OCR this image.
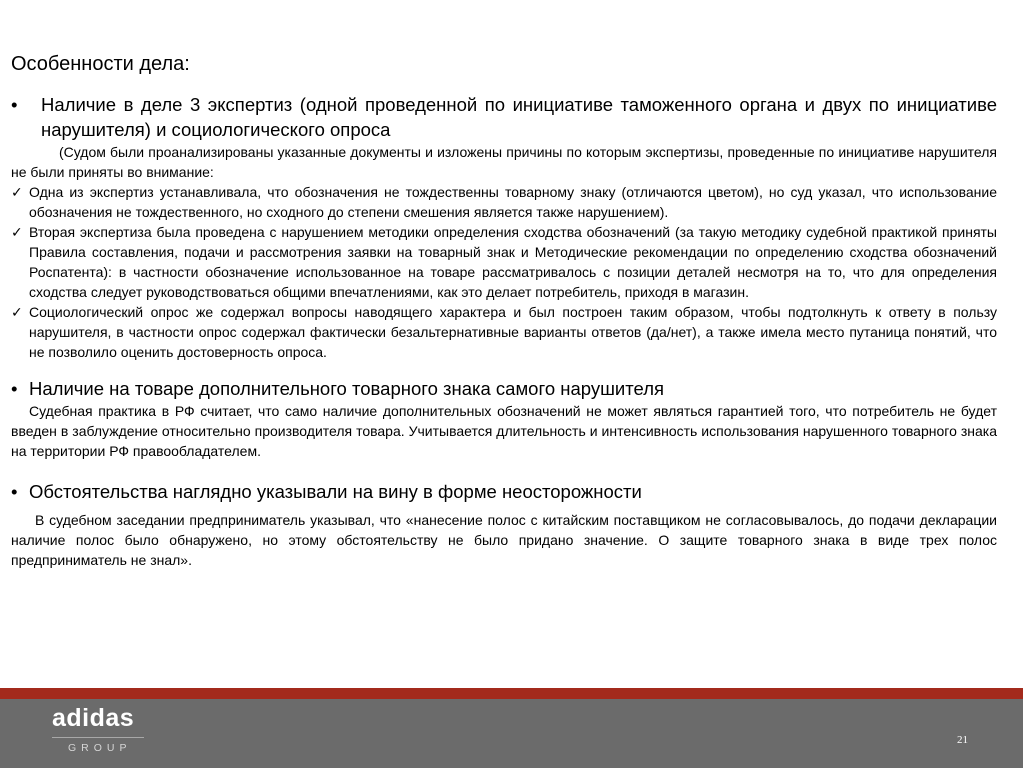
Особенности дела:
•	Наличие в деле 3 экспертиз (одной проведенной по инициативе таможенного органа и двух по инициативе нарушителя) и социологического опроса
(Судом были проанализированы указанные документы и изложены причины по которым экспертизы, проведенные по инициативе нарушителя не были приняты во внимание:
✓ Одна из экспертиз устанавливала, что обозначения не тождественны товарному знаку (отличаются цветом), но суд указал, что использование обозначения не тождественного, но сходного до степени смешения является также нарушением).
✓ Вторая экспертиза была проведена с нарушением методики определения сходства обозначений (за такую методику судебной практикой приняты Правила составления, подачи и рассмотрения заявки на товарный знак и Методические рекомендации по определению сходства обозначений Роспатента): в частности обозначение использованное на товаре рассматривалось с позиции деталей несмотря на то, что для определения сходства следует руководствоваться общими впечатлениями, как это делает потребитель, приходя в магазин.
✓ Социологический опрос же содержал вопросы наводящего характера и был построен таким образом, чтобы подтолкнуть к ответу в пользу нарушителя, в частности опрос содержал фактически безальтернативные варианты ответов (да/нет), а также имела место путаница понятий, что не позволило оценить достоверность опроса.
• Наличие на товаре дополнительного товарного знака самого нарушителя
Судебная практика в РФ считает, что само наличие дополнительных обозначений не может являться гарантией того, что потребитель не будет введен в заблуждение относительно производителя товара. Учитывается длительность и интенсивность использования нарушенного товарного знака на территории РФ правообладателем.
• Обстоятельства наглядно указывали на вину в форме неосторожности
В судебном заседании предприниматель указывал, что «нанесение полос с китайским поставщиком не согласовывалось, до подачи декларации наличие полос было обнаружено, но этому обстоятельству не было придано значение. О защите товарного знака в виде трех полос предприниматель не знал».
adidas
GROUP
21
